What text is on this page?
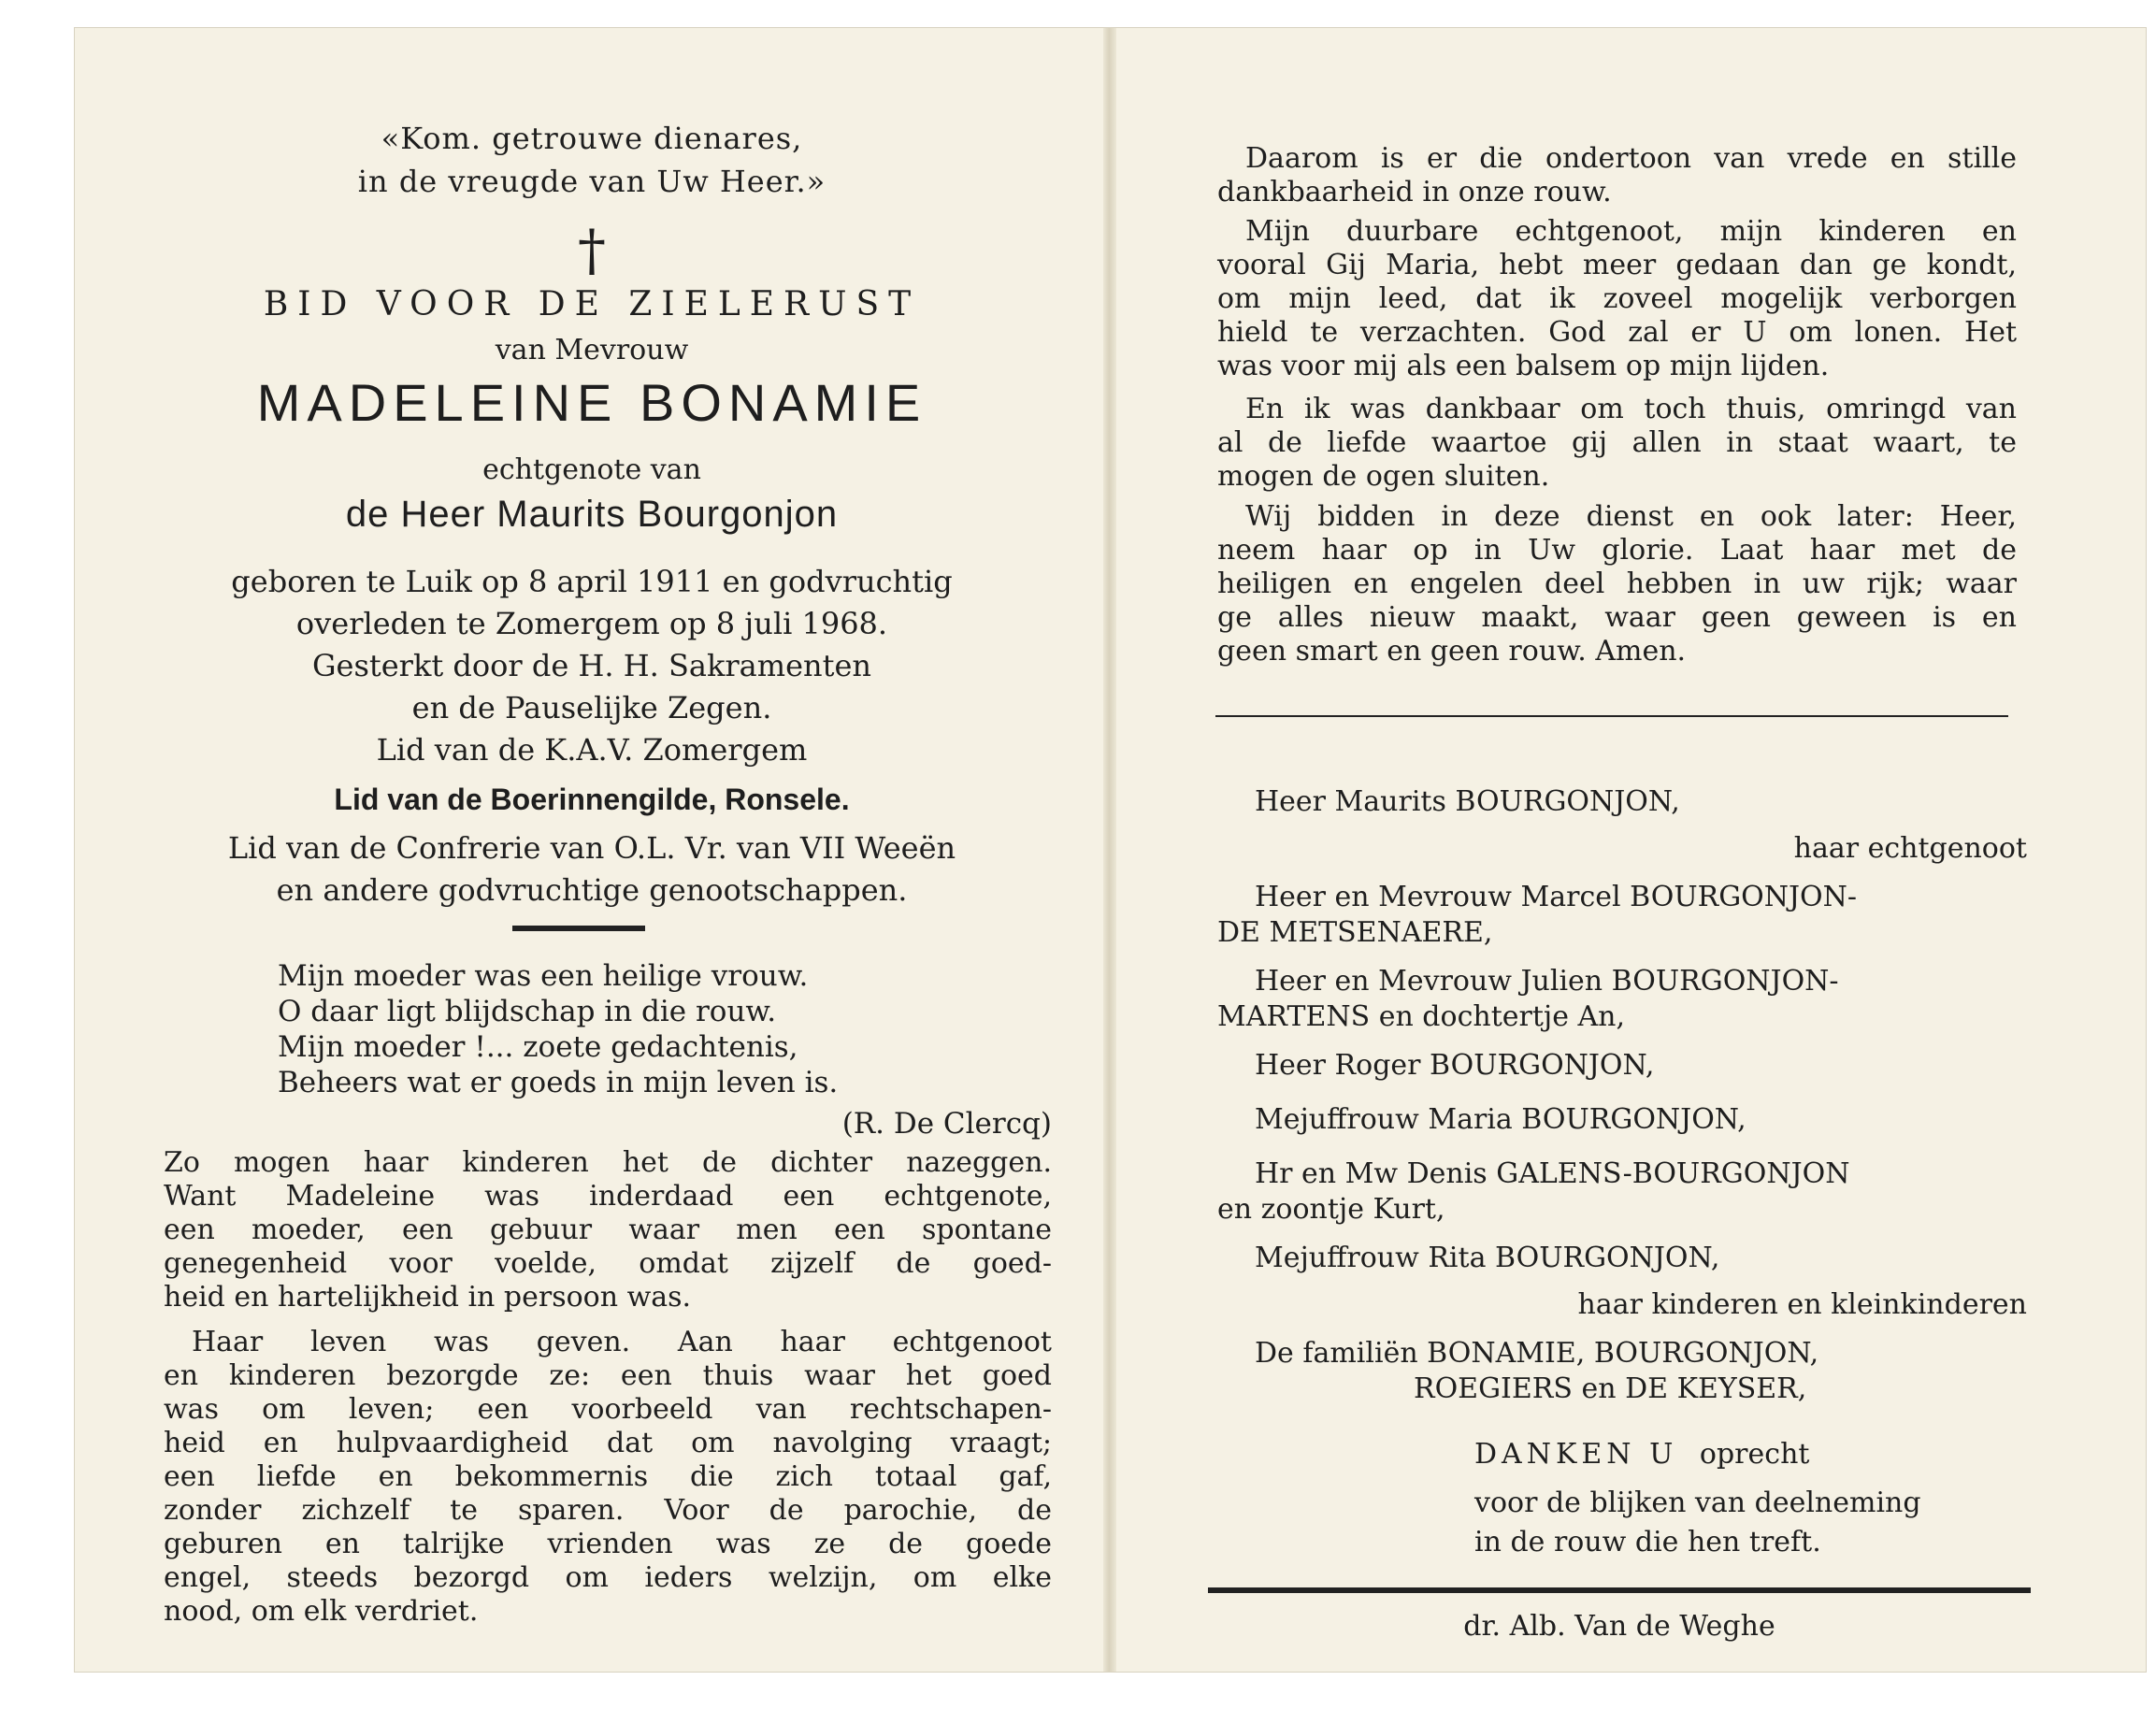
«Kom. getrouwe dienares,
in de vreugde van Uw Heer.»
†
BID VOOR DE ZIELERUST
van Mevrouw
MADELEINE BONAMIE
echtgenote van
de Heer Maurits Bourgonjon
geboren te Luik op 8 april 1911 en godvruchtig
overleden te Zomergem op 8 juli 1968.
Gesterkt door de H. H. Sakramenten
en de Pauselijke Zegen.
Lid van de K.A.V. Zomergem
Lid van de Boerinnengilde, Ronsele.
Lid van de Confrerie van O.L. Vr. van VII Weeën
en andere godvruchtige genootschappen.
Mijn moeder was een heilige vrouw.
O daar ligt blijdschap in die rouw.
Mijn moeder !... zoete gedachtenis,
Beheers wat er goeds in mijn leven is.
(R. De Clercq)
Zo mogen haar kinderen het de dichter nazeggen.
Want Madeleine was inderdaad een echtgenote,
een moeder, een gebuur waar men een spontane
genegenheid voor voelde, omdat zijzelf de goed-
heid en hartelijkheid in persoon was.
Haar leven was geven. Aan haar echtgenoot
en kinderen bezorgde ze: een thuis waar het goed
was om leven; een voorbeeld van rechtschapen-
heid en hulpvaardigheid dat om navolging vraagt;
een liefde en bekommernis die zich totaal gaf,
zonder zichzelf te sparen. Voor de parochie, de
geburen en talrijke vrienden was ze de goede
engel, steeds bezorgd om ieders welzijn, om elke
nood, om elk verdriet.
Daarom is er die ondertoon van vrede en stille
dankbaarheid in onze rouw.
Mijn duurbare echtgenoot, mijn kinderen en
vooral Gij Maria, hebt meer gedaan dan ge kondt,
om mijn leed, dat ik zoveel mogelijk verborgen
hield te verzachten. God zal er U om lonen. Het
was voor mij als een balsem op mijn lijden.
En ik was dankbaar om toch thuis, omringd van
al de liefde waartoe gij allen in staat waart, te
mogen de ogen sluiten.
Wij bidden in deze dienst en ook later: Heer,
neem haar op in Uw glorie. Laat haar met de
heiligen en engelen deel hebben in uw rijk; waar
ge alles nieuw maakt, waar geen geween is en
geen smart en geen rouw. Amen.
Heer Maurits BOURGONJON,
haar echtgenoot
Heer en Mevrouw Marcel BOURGONJON-
DE METSENAERE,
Heer en Mevrouw Julien BOURGONJON-
MARTENS en dochtertje An,
Heer Roger BOURGONJON,
Mejuffrouw Maria BOURGONJON,
Hr en Mw Denis GALENS-BOURGONJON
en zoontje Kurt,
Mejuffrouw Rita BOURGONJON,
haar kinderen en kleinkinderen
De familiën BONAMIE, BOURGONJON,
ROEGIERS en DE KEYSER,
DANKEN U oprecht
voor de blijken van deelneming
in de rouw die hen treft.
dr. Alb. Van de Weghe
